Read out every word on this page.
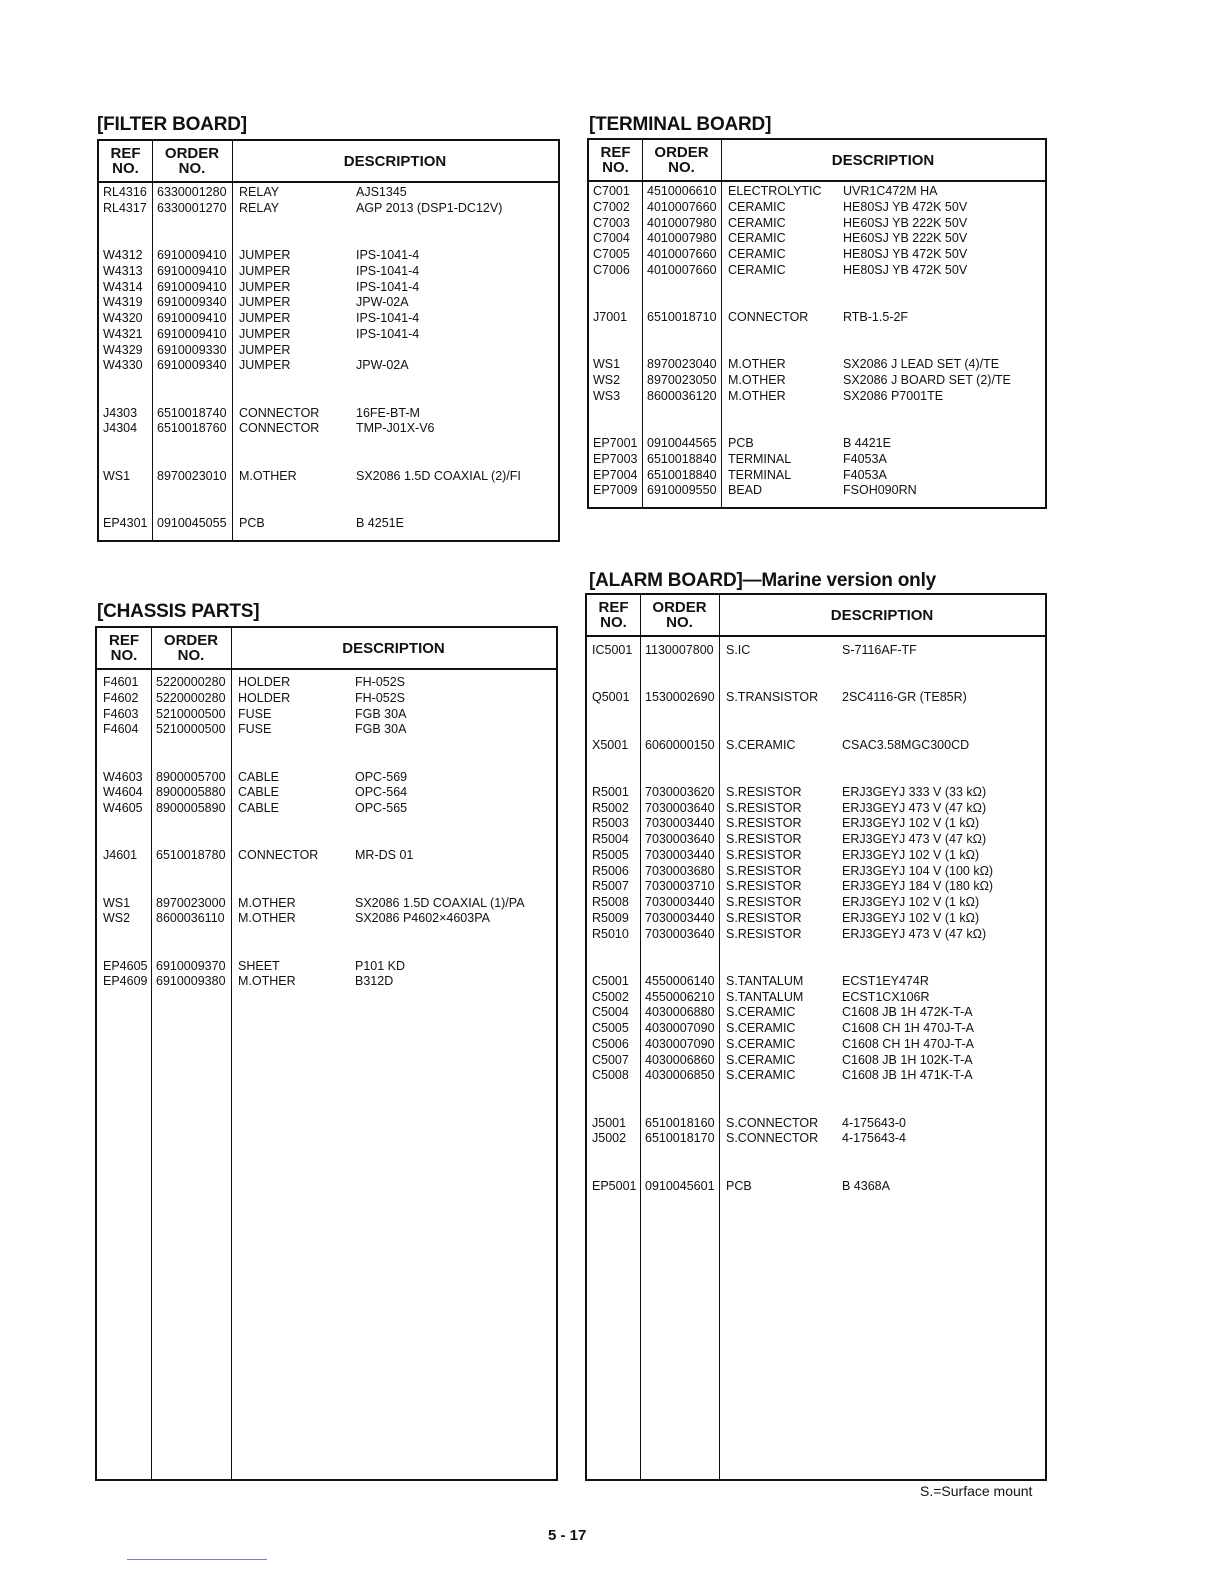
[FILTER BOARD]
REF
NO.
ORDER
NO.	DESCRIPTION
RL4316 6330001280 RELAY	AJS1345
RL4317 6330001270 RELAY	AGP 2013 (DSP1-DC12V)
W4312 6910009410 JUMPER	IPS-1041-4
W4313 6910009410 JUMPER	IPS-1041-4
W4314 6910009410 JUMPER	IPS-1041-4
W4319 6910009340 JUMPER	JPW-02A
W4320 6910009410 JUMPER	IPS-1041-4
W4321 6910009410 JUMPER	IPS-1041-4
W4329 6910009330 JUMPER
W4330 6910009340 JUMPER	JPW-02A
J4303 6510018740 CONNECTOR	16FE-BT-M
J4304 6510018760 CONNECTOR	TMP-J01X-V6
WS1 8970023010 M.OTHER	SX2086 1.5D COAXIAL (2)/FI
EP4301 0910045055 PCB	B 4251E
[TERMINAL BOARD]
REF
NO.
ORDER
NO.	DESCRIPTION
C7001 4510006610 ELECTROLYTIC UVR1C472M HA
C7002 4010007660 CERAMIC	HE80SJ YB 472K 50V
C7003 4010007980 CERAMIC	HE60SJ YB 222K 50V
C7004 4010007980 CERAMIC	HE60SJ YB 222K 50V
C7005 4010007660 CERAMIC	HE80SJ YB 472K 50V
C7006 4010007660 CERAMIC	HE80SJ YB 472K 50V
J7001 6510018710 CONNECTOR	RTB-1.5-2F
WS1 8970023040 M.OTHER	SX2086 J LEAD SET (4)/TE
WS2 8970023050 M.OTHER	SX2086 J BOARD SET (2)/TE
WS3 8600036120 M.OTHER	SX2086 P7001TE
EP7001 0910044565 PCB	B 4421E
EP7003 6510018840 TERMINAL	F4053A
EP7004 6510018840 TERMINAL	F4053A
EP7009 6910009550 BEAD	FSOH090RN
[CHASSIS PARTS]
REF
NO.
ORDER
NO.	DESCRIPTION
F4601 5220000280 HOLDER	FH-052S
F4602 5220000280 HOLDER	FH-052S
F4603 5210000500 FUSE	FGB 30A
F4604 5210000500 FUSE	FGB 30A
W4603 8900005700 CABLE	OPC-569
W4604 8900005880 CABLE	OPC-564
W4605 8900005890 CABLE	OPC-565
J4601 6510018780 CONNECTOR	MR-DS 01
WS1 8970023000 M.OTHER	SX2086 1.5D COAXIAL (1)/PA
WS2 8600036110 M.OTHER	SX2086 P4602×4603PA
EP4605 6910009370 SHEET	P101 KD
EP4609 6910009380 M.OTHER	B312D
[ALARM BOARD]—Marine version only
REF
NO.
ORDER
NO.	DESCRIPTION
IC5001 1130007800 S.IC	S-7116AF-TF
Q5001 1530002690 S.TRANSISTOR 2SC4116-GR (TE85R)
X5001 6060000150 S.CERAMIC	CSAC3.58MGC300CD
R5001 7030003620 S.RESISTOR	ERJ3GEYJ 333 V (33 kΩ)
R5002 7030003640 S.RESISTOR	ERJ3GEYJ 473 V (47 kΩ)
R5003 7030003440 S.RESISTOR	ERJ3GEYJ 102 V (1 kΩ)
R5004 7030003640 S.RESISTOR	ERJ3GEYJ 473 V (47 kΩ)
R5005 7030003440 S.RESISTOR	ERJ3GEYJ 102 V (1 kΩ)
R5006 7030003680 S.RESISTOR	ERJ3GEYJ 104 V (100 kΩ)
R5007 7030003710 S.RESISTOR	ERJ3GEYJ 184 V (180 kΩ)
R5008 7030003440 S.RESISTOR	ERJ3GEYJ 102 V (1 kΩ)
R5009 7030003440 S.RESISTOR	ERJ3GEYJ 102 V (1 kΩ)
R5010 7030003640 S.RESISTOR	ERJ3GEYJ 473 V (47 kΩ)
C5001 4550006140 S.TANTALUM	ECST1EY474R
C5002 4550006210 S.TANTALUM	ECST1CX106R
C5004 4030006880 S.CERAMIC	C1608 JB 1H 472K-T-A
C5005 4030007090 S.CERAMIC	C1608 CH 1H 470J-T-A
C5006 4030007090 S.CERAMIC	C1608 CH 1H 470J-T-A
C5007 4030006860 S.CERAMIC	C1608 JB 1H 102K-T-A
C5008 4030006850 S.CERAMIC	C1608 JB 1H 471K-T-A
J5001 6510018160 S.CONNECTOR 4-175643-0
J5002 6510018170 S.CONNECTOR 4-175643-4
EP5001 0910045601 PCB	B 4368A
S.=Surface mount
5 - 17
